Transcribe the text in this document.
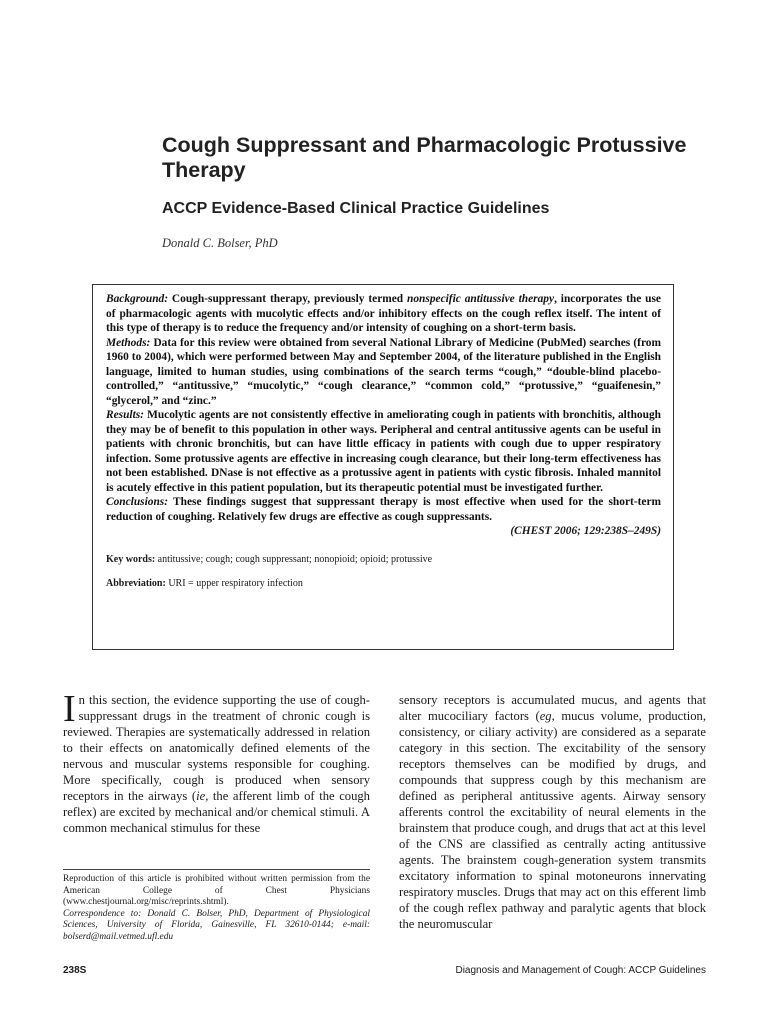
Cough Suppressant and Pharmacologic Protussive Therapy
ACCP Evidence-Based Clinical Practice Guidelines

Donald C. Bolser, PhD

Background: Cough-suppressant therapy, previously termed nonspecific antitussive therapy, incorporates the use of pharmacologic agents with mucolytic effects and/or inhibitory effects on the cough reflex itself. The intent of this type of therapy is to reduce the frequency and/or intensity of coughing on a short-term basis.
Methods: Data for this review were obtained from several National Library of Medicine (PubMed) searches (from 1960 to 2004), which were performed between May and September 2004, of the literature published in the English language, limited to human studies, using combinations of the search terms “cough,” “double-blind placebo-controlled,” “antitussive,” “mucolytic,” “cough clearance,” “common cold,” “protussive,” “guaifenesin,” “glycerol,” and “zinc.”
Results: Mucolytic agents are not consistently effective in ameliorating cough in patients with bronchitis, although they may be of benefit to this population in other ways. Peripheral and central antitussive agents can be useful in patients with chronic bronchitis, but can have little efficacy in patients with cough due to upper respiratory infection. Some protussive agents are effective in increasing cough clearance, but their long-term effectiveness has not been established. DNase is not effective as a protussive agent in patients with cystic fibrosis. Inhaled mannitol is acutely effective in this patient population, but its therapeutic potential must be investigated further.
Conclusions: These findings suggest that suppressant therapy is most effective when used for the short-term reduction of coughing. Relatively few drugs are effective as cough suppressants.

(CHEST 2006; 129:238S–249S)

Key words: antitussive; cough; cough suppressant; nonopioid; opioid; protussive

Abbreviation: URI = upper respiratory infection

In this section, the evidence supporting the use of cough-suppressant drugs in the treatment of chronic cough is reviewed. Therapies are systematically addressed in relation to their effects on anatomically defined elements of the nervous and muscular systems responsible for coughing. More specifically, cough is produced when sensory receptors in the airways (ie, the afferent limb of the cough reflex) are excited by mechanical and/or chemical stimuli. A common mechanical stimulus for these

sensory receptors is accumulated mucus, and agents that alter mucociliary factors (eg, mucus volume, production, consistency, or ciliary activity) are considered as a separate category in this section. The excitability of the sensory receptors themselves can be modified by drugs, and compounds that suppress cough by this mechanism are defined as peripheral antitussive agents. Airway sensory afferents control the excitability of neural elements in the brainstem that produce cough, and drugs that act at this level of the CNS are classified as centrally acting antitussive agents. The brainstem cough-generation system transmits excitatory information to spinal motoneurons innervating respiratory muscles. Drugs that may act on this efferent limb of the cough reflex pathway and paralytic agents that block the neuromuscular

Reproduction of this article is prohibited without written permission from the American College of Chest Physicians (www.chestjournal.org/misc/reprints.shtml).
Correspondence to: Donald C. Bolser, PhD, Department of Physiological Sciences, University of Florida, Gainesville, FL 32610-0144; e-mail: bolserd@mail.vetmed.ufl.edu

238S	Diagnosis and Management of Cough: ACCP Guidelines
